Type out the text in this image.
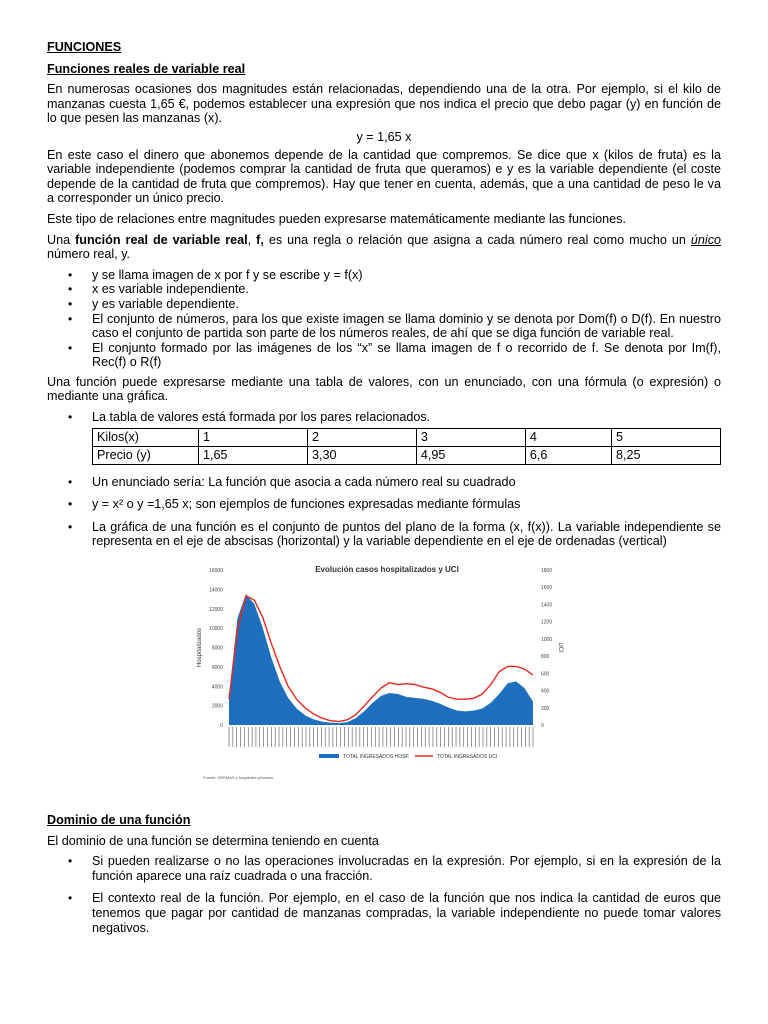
FUNCIONES
Funciones reales de variable real

En numerosas ocasiones dos magnitudes están relacionadas, dependiendo una de la otra. Por ejemplo, si el kilo de manzanas cuesta 1,65 €, podemos establecer una expresión que nos indica el precio que debo pagar (y) en función de lo que pesen las manzanas (x).

y = 1,65 x

En este caso el dinero que abonemos depende de la cantidad que compremos. Se dice que x (kilos de fruta) es la variable independiente (podemos comprar la cantidad de fruta que queramos) e y es la variable dependiente (el coste depende de la cantidad de fruta que compremos). Hay que tener en cuenta, además, que a una cantidad de peso le va a corresponder un único precio.

Este tipo de relaciones entre magnitudes pueden expresarse matemáticamente mediante las funciones.

Una función real de variable real, f, es una regla o relación que asigna a cada número real como mucho un único número real, y.

• y se llama imagen de x por f y se escribe y = f(x)
• x es variable independiente.
• y es variable dependiente.
• El conjunto de números, para los que existe imagen se llama dominio y se denota por Dom(f) o D(f). En nuestro caso el conjunto de partida son parte de los números reales, de ahí que se diga función de variable real.
• El conjunto formado por las imágenes de los “x” se llama imagen de f o recorrido de f. Se denota por Im(f), Rec(f) o R(f)

Una función puede expresarse mediante una tabla de valores, con un enunciado, con una fórmula (o expresión) o mediante una gráfica.

• La tabla de valores está formada por los pares relacionados.
Kilos(x)	1	2	3	4	5
Precio (y)	1,65	3,30	4,95	6,6	8,25
• Un enunciado sería: La función que asocia a cada número real su cuadrado
• y = x² o y =1,65 x; son ejemplos de funciones expresadas mediante fórmulas
• La gráfica de una función es el conjunto de puntos del plano de la forma (x, f(x)). La variable independiente se representa en el eje de abscisas (horizontal) y la variable dependiente en el eje de ordenadas (vertical)
Evolución casos hospitalizados y UCI
0
2000
4000
6000
8000
10000
12000
14000
16000
0
200
400
600
800
1000
1200
1400
1600
1800
Hospitalizados	UCI
TOTAL INGRESADOS HOSP.	TOTAL INGRESADOS UCI
Fuente: SERMAS y hospitales privados.
Dominio de una función

El dominio de una función se determina teniendo en cuenta

• Si pueden realizarse o no las operaciones involucradas en la expresión. Por ejemplo, si en la expresión de la función aparece una raíz cuadrada o una fracción.
• El contexto real de la función. Por ejemplo, en el caso de la función que nos indica la cantidad de euros que tenemos que pagar por cantidad de manzanas compradas, la variable independiente no puede tomar valores negativos.
